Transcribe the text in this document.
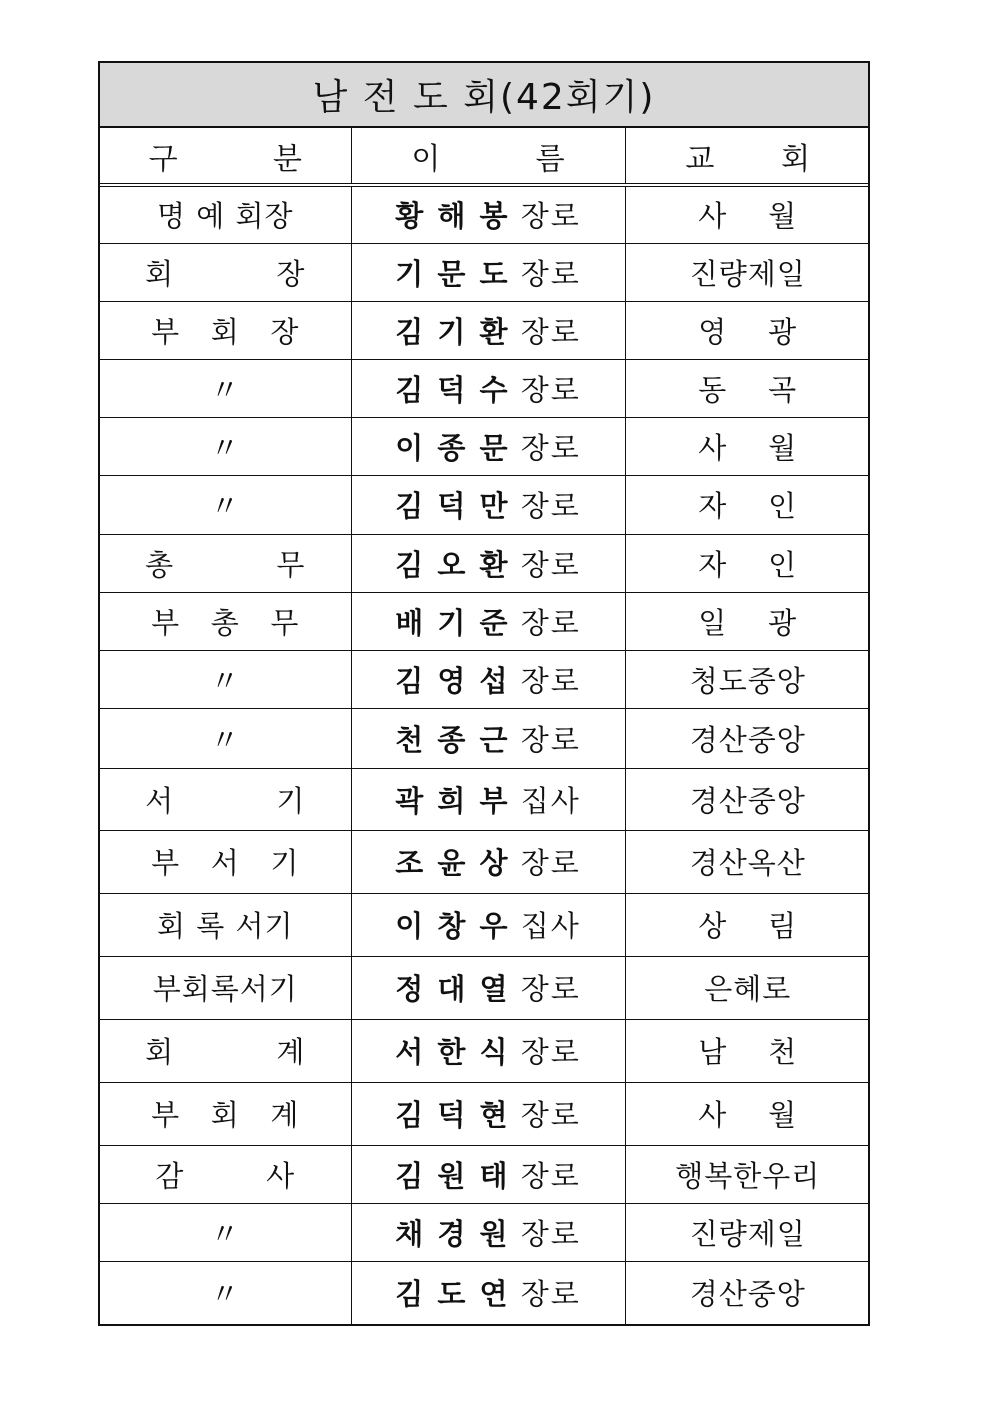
남 전 도 회(42회기)
구          분	이          름	교       회
명 예 회장	황 해 봉 장로	사    월
회          장	기 문 도 장로	진량제일
부   회   장	김 기 환 장로	영    광
〃	김 덕 수 장로	동    곡
〃	이 종 문 장로	사    월
〃	김 덕 만 장로	자    인
총          무	김 오 환 장로	자    인
부   총   무	배 기 준 장로	일    광
〃	김 영 섭 장로	청도중앙
〃	천 종 근 장로	경산중앙
서          기	곽 희 부 집사	경산중앙
부   서   기	조 윤 상 장로	경산옥산
회 록 서기	이 창 우 집사	상    림
부회록서기	정 대 열 장로	은혜로
회          계	서 한 식 장로	남    천
부   회   계	김 덕 현 장로	사    월
감        사	김 원 태 장로	행복한우리
〃	채 경 원 장로	진량제일
〃	김 도 연 장로	경산중앙
